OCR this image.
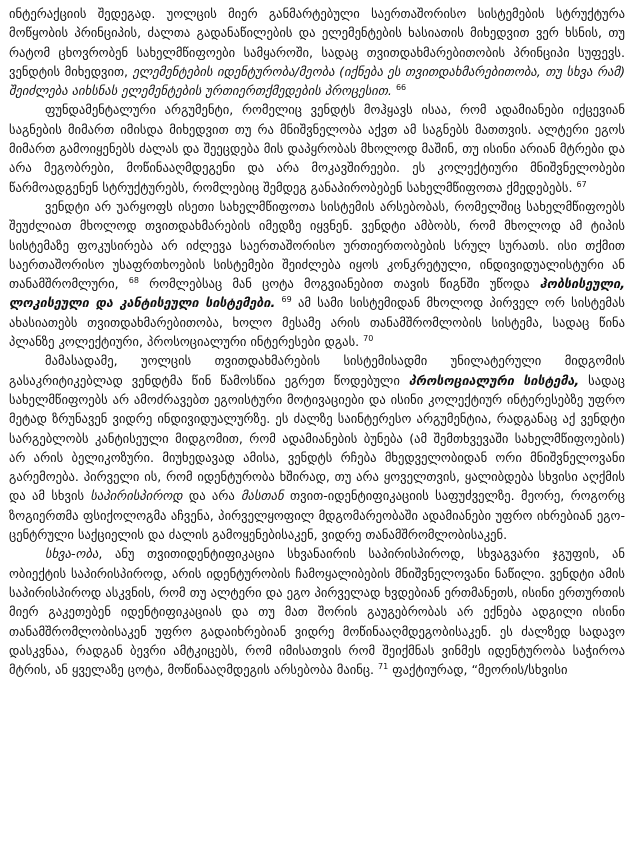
ინტერაქციის შედეგად. უოლცის მიერ განმარტებული საერთაშორისო სისტემების სტრუქტურა მოწყობის პრინციპის, ძალთა გადანაწილების და ელემენტების ხასიათის მიხედვით ვერ ხსნის, თუ რატომ ცხოვრობენ სახელმწიფოები სამყაროში, სადაც თვითდახმარებითობის პრინციპი სუფევს. ვენდტის მიხედვით, ელემენტების იდენტურობა/მეობა (იქნება ეს თვითდახმარებითობა, თუ სხვა რამ) შეიძლება აიხსნას ელემენტების ურთიერთქმედების პროცესით. $^{66}$

ფუნდამენტალური არგუმენტი, რომელიც ვენდტს მოჰყავს ისაა, რომ ადამიანები იქცევიან საგნების მიმართ იმისდა მიხედვით თუ რა მნიშვნელობა აქვთ ამ საგნებს მათთვის. ალტერი ეგოს მიმართ გამოიყენებს ძალას და შეეცდება მის დაპყრობას მხოლოდ მაშინ, თუ ისინი არიან მტრები და არა მეგობრები, მოწინააღმდეგენი და არა მოკავშირეები. ეს კოლექტიური მნიშვნელობები წარმოადგენენ სტრუქტურებს, რომლებიც შემდეგ განაპირობებენ სახელმწიფოთა ქმედებებს. $^{67}$

ვენდტი არ უარყოფს ისეთი სახელმწიფოთა სისტემის არსებობას, რომელშიც სახელმწიფოებს შეუძლიათ მხოლოდ თვითდახმარების იმედზე იყვნენ. ვენდტი ამბობს, რომ მხოლოდ ამ ტიპის სისტემაზე ფოკუსირება არ იძლევა საერთაშორისო ურთიერთობების სრულ სურათს. ისი თქმით საერთაშორისო უსაფრთხოების სისტემები შეიძლება იყოს კონკრეტული, ინდივიდუალისტური ან თანამშრომლური, $^{68}$ რომლებსაც მან ცოტა მოგვიანებით თავის წიგნში უწოდა ჰობსისეული, ლოკისეული და კანტისეული სისტემები. $^{69}$ ამ სამი სისტემიდან მხოლოდ პირველ ორ სისტემას ახასიათებს თვითდახმარებითობა, ხოლო მესამე არის თანამშრომლობის სისტემა, სადაც წინა პლანზე კოლექტიური, პროსოციალური ინტერესები დგას. $^{70}$

მამასადამე, უოლცის თვითდახმარების სისტემისადმი უნილატერული მიდგომის გასაკრიტიკებლად ვენდტმა წინ წამოსწია ეგრეთ წოდებული პროსოციალური სისტემა, სადაც სახელმწიფოებს არ ამოძრავებთ ეგოისტური მოტივაციები და ისინი კოლექტიურ ინტერესებზე უფრო მეტად ზრუნავენ ვიდრე ინდივიდუალურზე. ეს ძალზე საინტერესო არგუმენტია, რადგანაც აქ ვენდტი სარგებლობს კანტისეული მიდგომით, რომ ადამიანების ბუნება (ამ შემთხვევაში სახელმწიფოების) არ არის ბელიკოზური. მიუხედავად ამისა, ვენდტს რჩება მხედველობიდან ორი მნიშვნელოვანი გარემოება. პირველი ის, რომ იდენტურობა ხშირად, თუ არა ყოველთვის, ყალიბდება სხვისი აღქმის და ამ სხვის საპირისპიროდ და არა მასთან თვით-იდენტიფიკაციის საფუძველზე. მეორე, როგორც ზოგიერთმა ფსიქოლოგმა აჩვენა, პირველყოფილ მდგომარეობაში ადამიანები უფრო იხრებიან ეგო-ცენტრული საქციელის და ძალის გამოყენებისაკენ, ვიდრე თანამშრომლობისაკენ.

სხვა-ობა, ანუ თვითიდენტიფიკაცია სხვანაირის საპირისპიროდ, სხვაგვარი ჯგუფის, ან ობიექტის საპირისპიროდ, არის იდენტურობის ჩამოყალიბების მნიშვნელოვანი ნაწილი. ვენდტი ამის საპირისპიროდ ასკვნის, რომ თუ ალტერი და ეგო პირველად ხვდებიან ერთმანეთს, ისინი ერთურთის მიერ გაკეთებენ იდენტიფიკაციას და თუ მათ შორის გაუგებრობას არ ექნება ადგილი ისინი თანამშრომლობისაკენ უფრო გადაიხრებიან ვიდრე მოწინააღმდეგობისაკენ. ეს ძალზედ სადავო დასკვნაა, რადგან ბევრი ამტკიცებს, რომ იმისათვის რომ შეიქმნას ვინმეს იდენტურობა საჭიროა მტრის, ან ყველაზე ცოტა, მოწინააღმდეგის არსებობა მაინც. $^{71}$ ფაქტიურად, “მეორის/სხვისი
